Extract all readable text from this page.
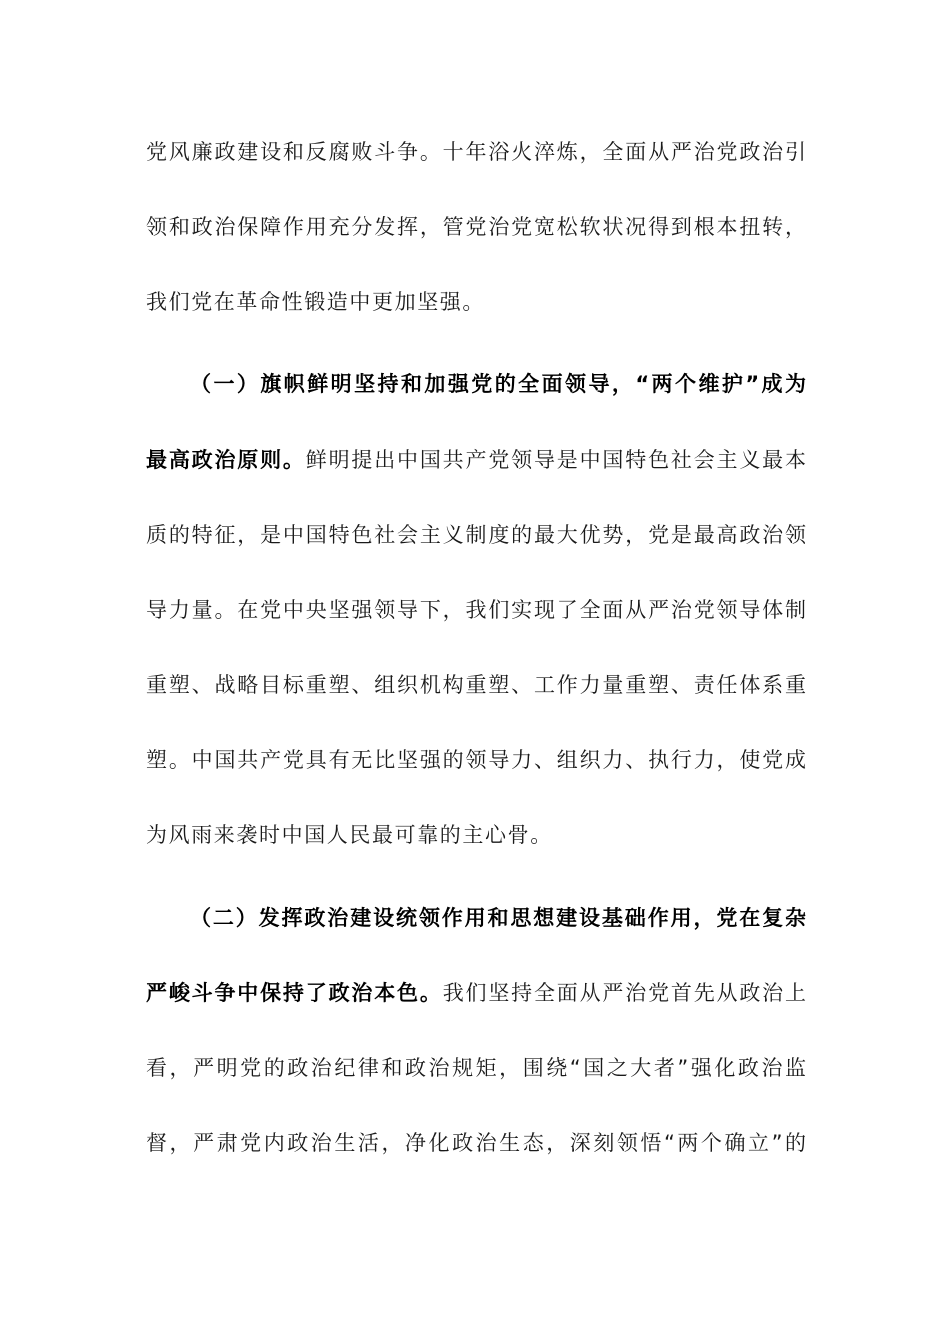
党风廉政建设和反腐败斗争。十年浴火淬炼，全面从严治党政治引
领和政治保障作用充分发挥，管党治党宽松软状况得到根本扭转，
我们党在革命性锻造中更加坚强。
（一）旗帜鲜明坚持和加强党的全面领导，“两个维护”成为
最高政治原则。鲜明提出中国共产党领导是中国特色社会主义最本
质的特征，是中国特色社会主义制度的最大优势，党是最高政治领
导力量。在党中央坚强领导下，我们实现了全面从严治党领导体制
重塑、战略目标重塑、组织机构重塑、工作力量重塑、责任体系重
塑。中国共产党具有无比坚强的领导力、组织力、执行力，使党成
为风雨来袭时中国人民最可靠的主心骨。
（二）发挥政治建设统领作用和思想建设基础作用，党在复杂
严峻斗争中保持了政治本色。我们坚持全面从严治党首先从政治上
看，严明党的政治纪律和政治规矩，围绕“国之大者”强化政治监
督，严肃党内政治生活，净化政治生态，深刻领悟“两个确立”的
